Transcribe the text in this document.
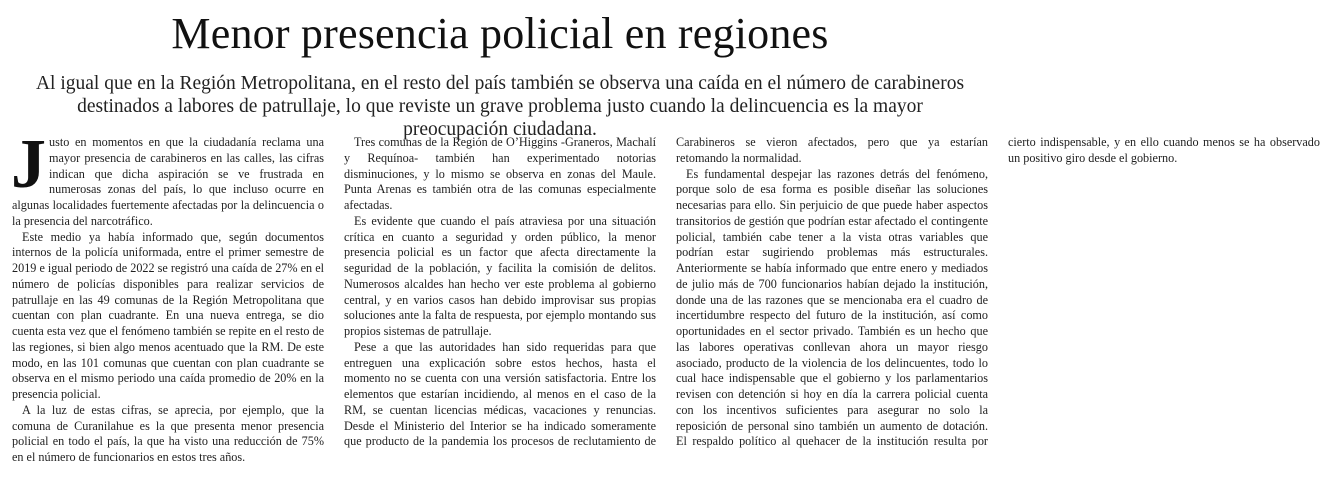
Menor presencia policial en regiones

Al igual que en la Región Metropolitana, en el resto del país también se observa una caída en el número de carabineros destinados a labores de patrullaje, lo que reviste un grave problema justo cuando la delincuencia es la mayor preocupación ciudadana.

Justo en momentos en que la ciudadanía reclama una mayor presencia de carabineros en las calles, las cifras indican que dicha aspiración se ve frustrada en numerosas zonas del país, lo que incluso ocurre en algunas localidades fuertemente afectadas por la delincuencia o la presencia del narcotráfico.

Este medio ya había informado que, según documentos internos de la policía uniformada, entre el primer semestre de 2019 e igual periodo de 2022 se registró una caída de 27% en el número de policías disponibles para realizar servicios de patrullaje en las 49 comunas de la Región Metropolitana que cuentan con plan cuadrante. En una nueva entrega, se dio cuenta esta vez que el fenómeno también se repite en el resto de las regiones, si bien algo menos acentuado que la RM. De este modo, en las 101 comunas que cuentan con plan cuadrante se observa en el mismo periodo una caída promedio de 20% en la presencia policial.

A la luz de estas cifras, se aprecia, por ejemplo, que la comuna de Curanilahue es la que presenta menor presencia policial en todo el país, la que ha visto una reducción de 75% en el número de funcionarios en estos tres años.

Tres comunas de la Región de O’Higgins -Graneros, Machalí y Requínoa- también han experimentado notorias disminuciones, y lo mismo se observa en zonas del Maule. Punta Arenas es también otra de las comunas especialmente afectadas.

Es evidente que cuando el país atraviesa por una situación crítica en cuanto a seguridad y orden público, la menor presencia policial es un factor que afecta directamente la seguridad de la población, y facilita la comisión de delitos. Numerosos alcaldes han hecho ver este problema al gobierno central, y en varios casos han debido improvisar sus propias soluciones ante la falta de respuesta, por ejemplo montando sus propios sistemas de patrullaje.

Pese a que las autoridades han sido requeridas para que entreguen una explicación sobre estos hechos, hasta el momento no se cuenta con una versión satisfactoria. Entre los elementos que estarían incidiendo, al menos en el caso de la RM, se cuentan licencias médicas, vacaciones y renuncias. Desde el Ministerio del Interior se ha indicado someramente que producto de la pandemia los procesos de reclutamiento de Carabineros se vieron afectados, pero que ya estarían retomando la normalidad.

Es fundamental despejar las razones detrás del fenómeno, porque solo de esa forma es posible diseñar las soluciones necesarias para ello. Sin perjuicio de que puede haber aspectos transitorios de gestión que podrían estar afectado el contingente policial, también cabe tener a la vista otras variables que podrían estar sugiriendo problemas más estructurales. Anteriormente se había informado que entre enero y mediados de julio más de 700 funcionarios habían dejado la institución, donde una de las razones que se mencionaba era el cuadro de incertidumbre respecto del futuro de la institución, así como oportunidades en el sector privado. También es un hecho que las labores operativas conllevan ahora un mayor riesgo asociado, producto de la violencia de los delincuentes, todo lo cual hace indispensable que el gobierno y los parlamentarios revisen con detención si hoy en día la carrera policial cuenta con los incentivos suficientes para asegurar no solo la reposición de personal sino también un aumento de dotación. El respaldo político al quehacer de la institución resulta por cierto indispensable, y en ello cuando menos se ha observado un positivo giro desde el gobierno.
